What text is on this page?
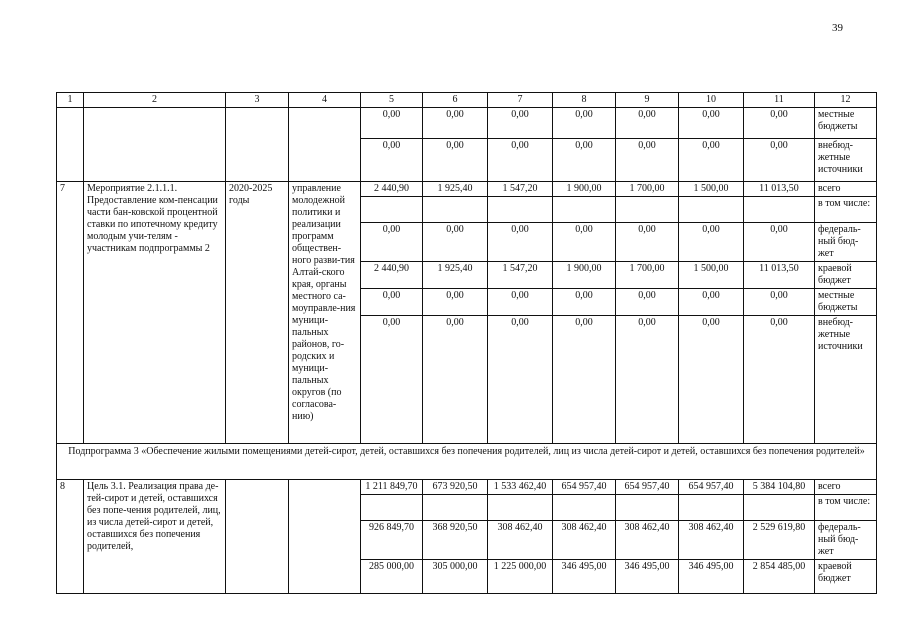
39
1	2	3	4	5	6	7	8	9	10	11	12
				0,00	0,00	0,00	0,00	0,00	0,00	0,00	местные бюджеты
				0,00	0,00	0,00	0,00	0,00	0,00	0,00	внебюд-жетные источники
7	Мероприятие 2.1.1.1. Предоставление ком-пенсации части бан-ковской процентной ставки по ипотечному кредиту молодым учи-телям - участникам подпрограммы 2	2020-2025 годы	управление молодежной политики и реализации программ обществен-ного разви-тия Алтай-ского края, органы местного са-моуправле-ния муници-пальных районов, го-родских и муници-пальных округов (по согласова-нию)	2 440,90	1 925,40	1 547,20	1 900,00	1 700,00	1 500,00	11 013,50	всего
											в том числе:
				0,00	0,00	0,00	0,00	0,00	0,00	0,00	федераль-ный бюд-жет
				2 440,90	1 925,40	1 547,20	1 900,00	1 700,00	1 500,00	11 013,50	краевой бюджет
				0,00	0,00	0,00	0,00	0,00	0,00	0,00	местные бюджеты
				0,00	0,00	0,00	0,00	0,00	0,00	0,00	внебюд-жетные источники
Подпрограмма 3 «Обеспечение жилыми помещениями детей-сирот, детей, оставшихся без попечения родителей, лиц из числа детей-сирот и детей, оставшихся без попечения родителей»											
8	Цель 3.1. Реализация права де-тей-сирот и детей, оставшихся без попе-чения родителей, лиц, из числа детей-сирот и детей, оставшихся без попечения родителей,			1 211 849,70	673 920,50	1 533 462,40	654 957,40	654 957,40	654 957,40	5 384 104,80	всего
											в том числе:
				926 849,70	368 920,50	308 462,40	308 462,40	308 462,40	308 462,40	2 529 619,80	федераль-ный бюд-жет
				285 000,00	305 000,00	1 225 000,00	346 495,00	346 495,00	346 495,00	2 854 485,00	краевой бюджет
